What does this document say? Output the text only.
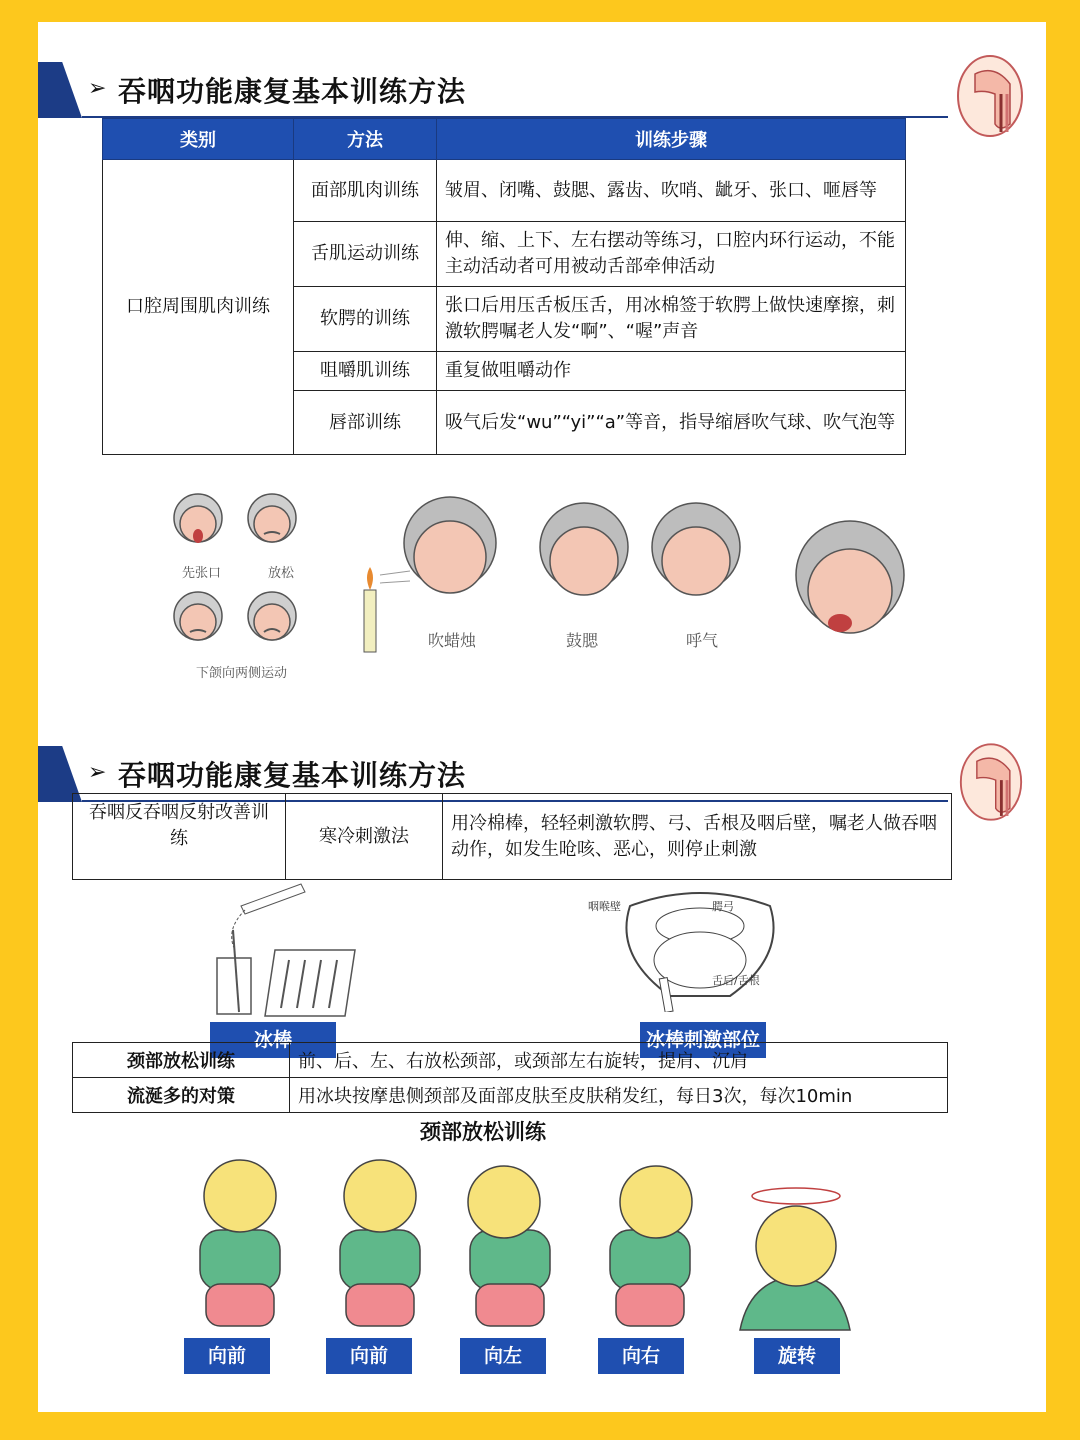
➢ 吞咽功能康复基本训练方法
类别	方法	训练步骤
口腔周围肌肉训练	面部肌肉训练	皱眉、闭嘴、鼓腮、露齿、吹哨、龇牙、张口、咂唇等
	舌肌运动训练	伸、缩、上下、左右摆动等练习，口腔内环行运动，不能主动活动者可用被动舌部牵伸活动
	软腭的训练	张口后用压舌板压舌，用冰棉签于软腭上做快速摩擦，刺激软腭嘱老人发“啊”、“喔”声音
	咀嚼肌训练	重复做咀嚼动作
	唇部训练	吸气后发“wu”“yi”“a”等音，指导缩唇吹气球、吹气泡等
先张口	放松
下颌向两侧运动
吹蜡烛	鼓腮	呼气
➢ 吞咽功能康复基本训练方法
吞咽反吞咽反射改善训练	寒冷刺激法	用冷棉棒，轻轻刺激软腭、弓、舌根及咽后壁，嘱老人做吞咽动作，如发生呛咳、恶心，则停止刺激
冰棒
咽喉壁	腭弓
舌后/舌根
冰棒刺激部位
颈部放松训练	前、后、左、右放松颈部，或颈部左右旋转，提肩、沉肩
流涎多的对策	用冰块按摩患侧颈部及面部皮肤至皮肤稍发红，每日3次，每次10min
颈部放松训练
向前	向前	向左	向右	旋转
